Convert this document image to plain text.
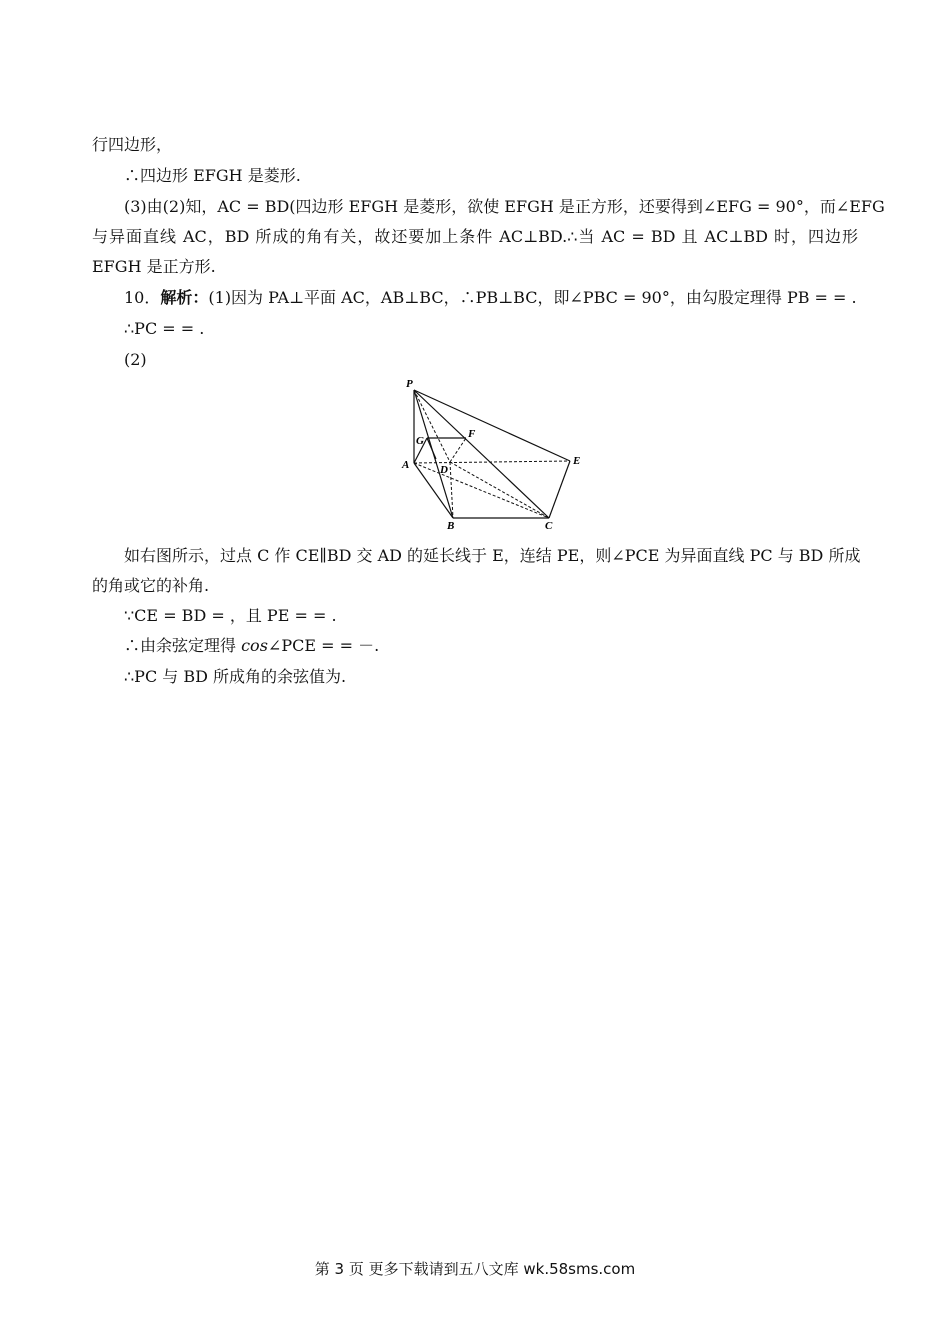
行四边形，
∴四边形 EFGH 是菱形.
(3)由(2)知，AC = BD(四边形 EFGH 是菱形，欲使 EFGH 是正方形，还要得到∠EFG = 90°，而∠EFG
与异面直线 AC，BD 所成的角有关，故还要加上条件 AC⊥BD.∴当 AC = BD 且 AC⊥BD 时，四边形
EFGH 是正方形.
10．解析：(1)因为 PA⊥平面 AC，AB⊥BC，∴PB⊥BC，即∠PBC = 90°，由勾股定理得 PB = = .
∴PC = = .
(2)
P
G
F
A	D
E
B	C
如右图所示，过点 C 作 CE∥BD 交 AD 的延长线于 E，连结 PE，则∠PCE 为异面直线 PC 与 BD 所成
的角或它的补角.
∵CE = BD = ，且 PE = = .
∴由余弦定理得 cos∠PCE = = －.
∴PC 与 BD 所成角的余弦值为.
第 3 页 更多下载请到五八文库 wk.58sms.com
